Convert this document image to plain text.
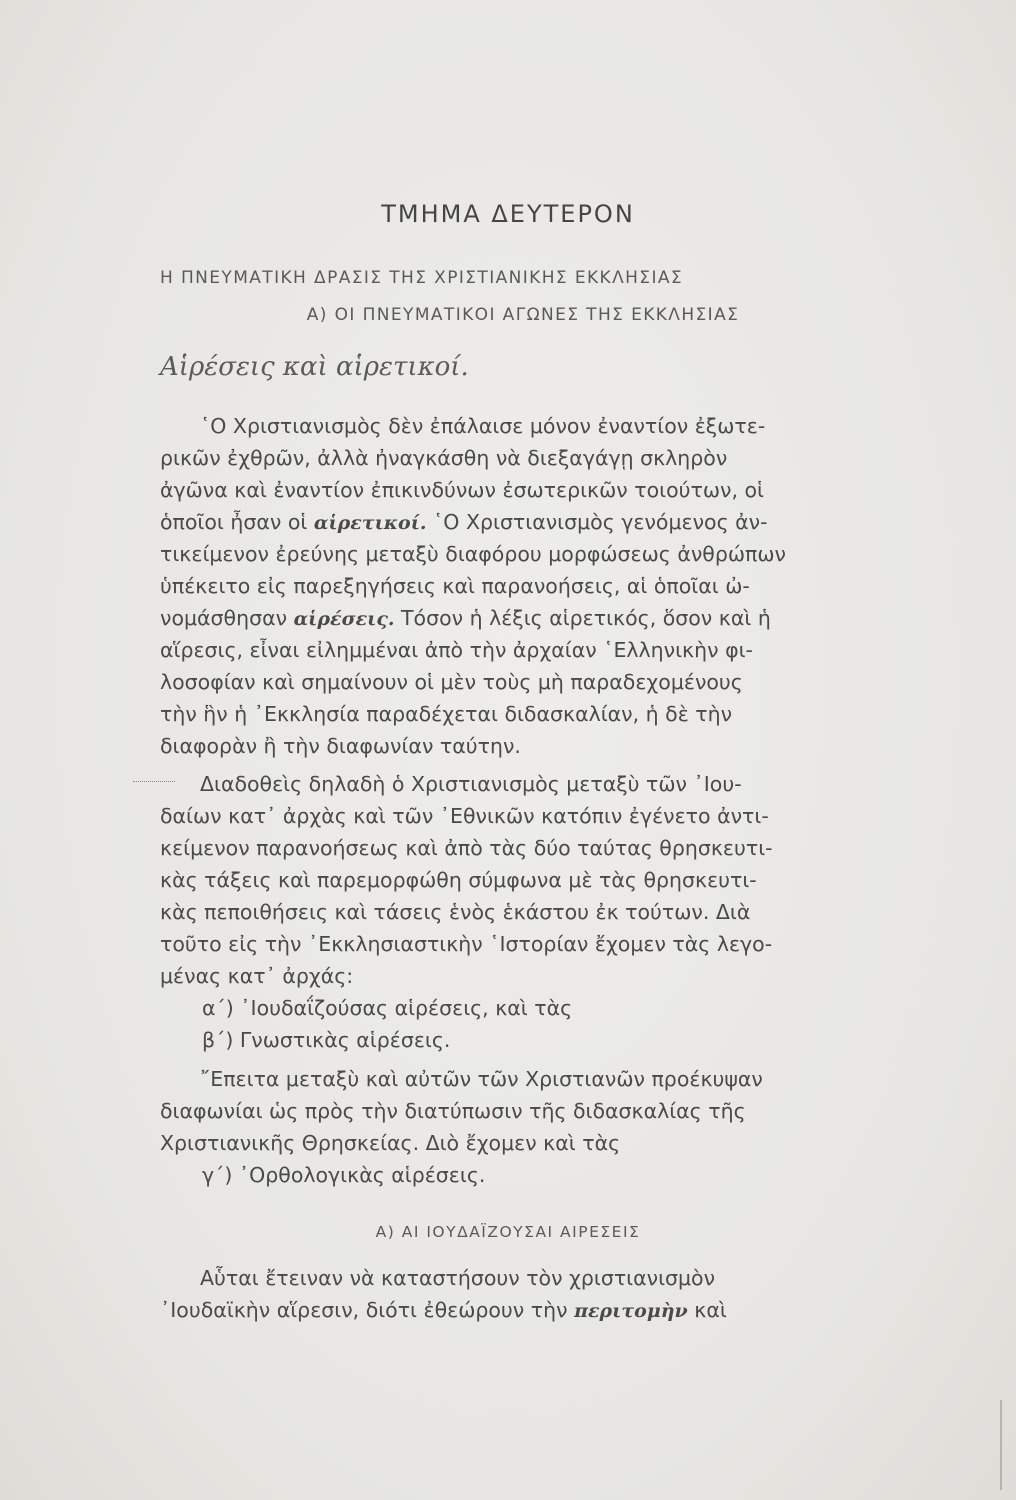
ΤΜΗΜΑ ΔΕΥΤΕΡΟΝ
Η ΠΝΕΥΜΑΤΙΚΗ ΔΡΑΣΙΣ ΤΗΣ ΧΡΙΣΤΙΑΝΙΚΗΣ ΕΚΚΛΗΣΙΑΣ
Α) ΟΙ ΠΝΕΥΜΑΤΙΚΟΙ ΑΓΩΝΕΣ ΤΗΣ ΕΚΚΛΗΣΙΑΣ
Αἱρέσεις καὶ αἱρετικοί.
῾Ο Χριστιανισμὸς δὲν ἐπάλαισε μόνον ἐναντίον ἐξωτε-
ρικῶν ἐχθρῶν, ἀλλὰ ἠναγκάσθη νὰ διεξαγάγῃ σκληρὸν
ἀγῶνα καὶ ἐναντίον ἐπικινδύνων ἐσωτερικῶν τοιούτων, οἱ
ὁποῖοι ἦσαν οἱ αἱρετικοί. ῾Ο Χριστιανισμὸς γενόμενος ἀν-
τικείμενον ἐρεύνης μεταξὺ διαφόρου μορφώσεως ἀνθρώπων
ὑπέκειτο εἰς παρεξηγήσεις καὶ παρανοήσεις, αἱ ὁποῖαι ὠ-
νομάσθησαν αἱρέσεις. Τόσον ἡ λέξις αἱρετικός, ὅσον καὶ ἡ
αἵρεσις, εἶναι εἰλημμέναι ἀπὸ τὴν ἀρχαίαν ῾Ελληνικὴν φι-
λοσοφίαν καὶ σημαίνουν οἱ μὲν τοὺς μὴ παραδεχομένους
τὴν ἣν ἡ ᾿Εκκλησία παραδέχεται διδασκαλίαν, ἡ δὲ τὴν
διαφορὰν ἢ τὴν διαφωνίαν ταύτην.
Διαδοθεὶς δηλαδὴ ὁ Χριστιανισμὸς μεταξὺ τῶν ᾿Ιου-
δαίων κατ᾿ ἀρχὰς καὶ τῶν ᾿Εθνικῶν κατόπιν ἐγένετο ἀντι-
κείμενον παρανοήσεως καὶ ἀπὸ τὰς δύο ταύτας θρησκευτι-
κὰς τάξεις καὶ παρεμορφώθη σύμφωνα μὲ τὰς θρησκευτι-
κὰς πεποιθήσεις καὶ τάσεις ἑνὸς ἑκάστου ἐκ τούτων. Διὰ
τοῦτο εἰς τὴν ᾿Εκκλησιαστικὴν ῾Ιστορίαν ἔχομεν τὰς λεγο-
μένας κατ᾿ ἀρχάς:
α΄) ᾿Ιουδαΐζούσας αἱρέσεις, καὶ τὰς
β΄) Γνωστικὰς αἱρέσεις.
῎Επειτα μεταξὺ καὶ αὐτῶν τῶν Χριστιανῶν προέκυψαν
διαφωνίαι ὡς πρὸς τὴν διατύπωσιν τῆς διδασκαλίας τῆς
Χριστιανικῆς Θρησκείας. Διὸ ἔχομεν καὶ τὰς
γ΄) ᾿Ορθολογικὰς αἱρέσεις.
Α) ΑΙ ΙΟΥΔΑΪΖΟΥΣΑΙ ΑΙΡΕΣΕΙΣ
Αὗται ἔτειναν νὰ καταστήσουν τὸν χριστιανισμὸν
᾿Ιουδαϊκὴν αἵρεσιν, διότι ἐθεώρουν τὴν περιτομὴν καὶ
